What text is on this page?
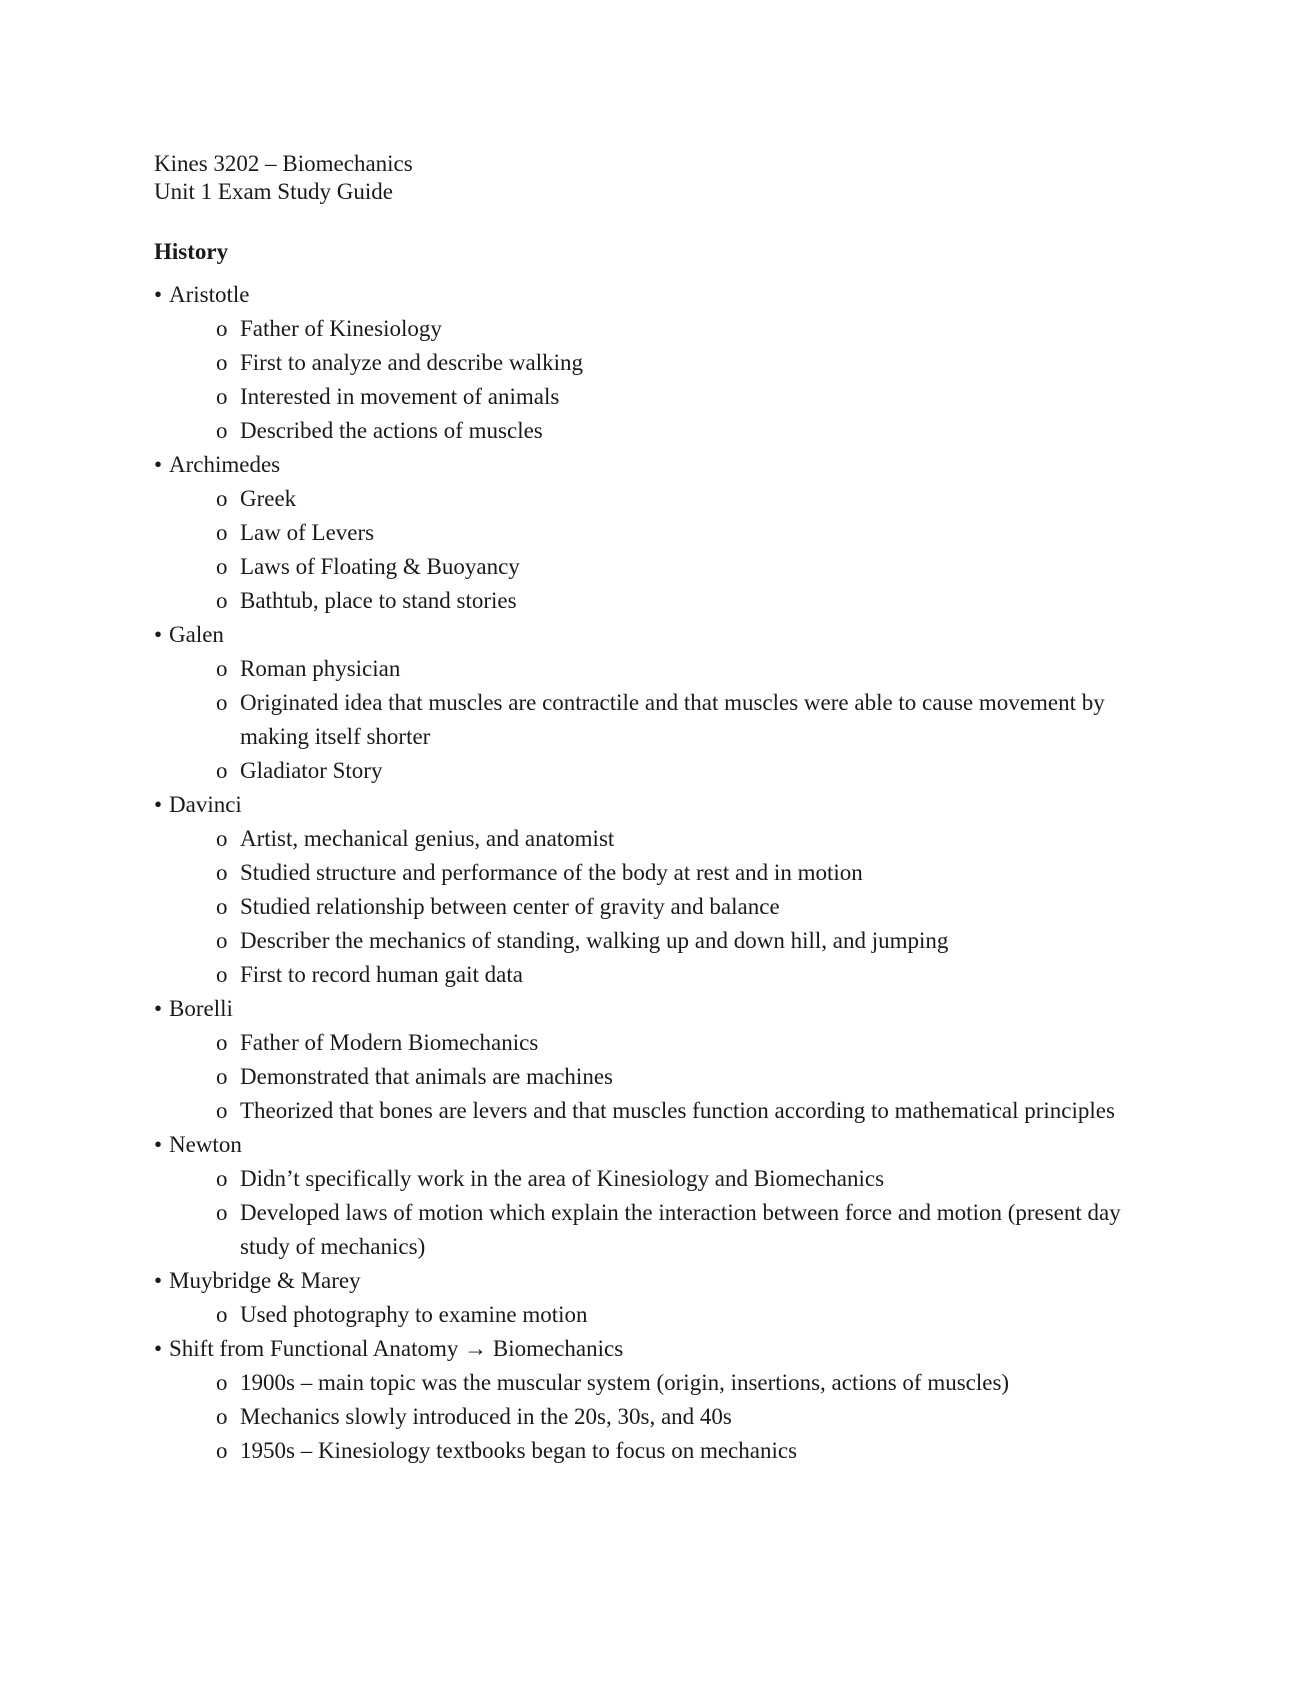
Kines 3202 – Biomechanics
Unit 1 Exam Study Guide
History
• Aristotle
o Father of Kinesiology
o First to analyze and describe walking
o Interested in movement of animals
o Described the actions of muscles
• Archimedes
o Greek
o Law of Levers
o Laws of Floating & Buoyancy
o Bathtub, place to stand stories
• Galen
o Roman physician
o Originated idea that muscles are contractile and that muscles were able to cause movement by making itself shorter
o Gladiator Story
• Davinci
o Artist, mechanical genius, and anatomist
o Studied structure and performance of the body at rest and in motion
o Studied relationship between center of gravity and balance
o Describer the mechanics of standing, walking up and down hill, and jumping
o First to record human gait data
• Borelli
o Father of Modern Biomechanics
o Demonstrated that animals are machines
o Theorized that bones are levers and that muscles function according to mathematical principles
• Newton
o Didn’t specifically work in the area of Kinesiology and Biomechanics
o Developed laws of motion which explain the interaction between force and motion (present day study of mechanics)
• Muybridge & Marey
o Used photography to examine motion
• Shift from Functional Anatomy → Biomechanics
o 1900s – main topic was the muscular system (origin, insertions, actions of muscles)
o Mechanics slowly introduced in the 20s, 30s, and 40s
o 1950s – Kinesiology textbooks began to focus on mechanics
